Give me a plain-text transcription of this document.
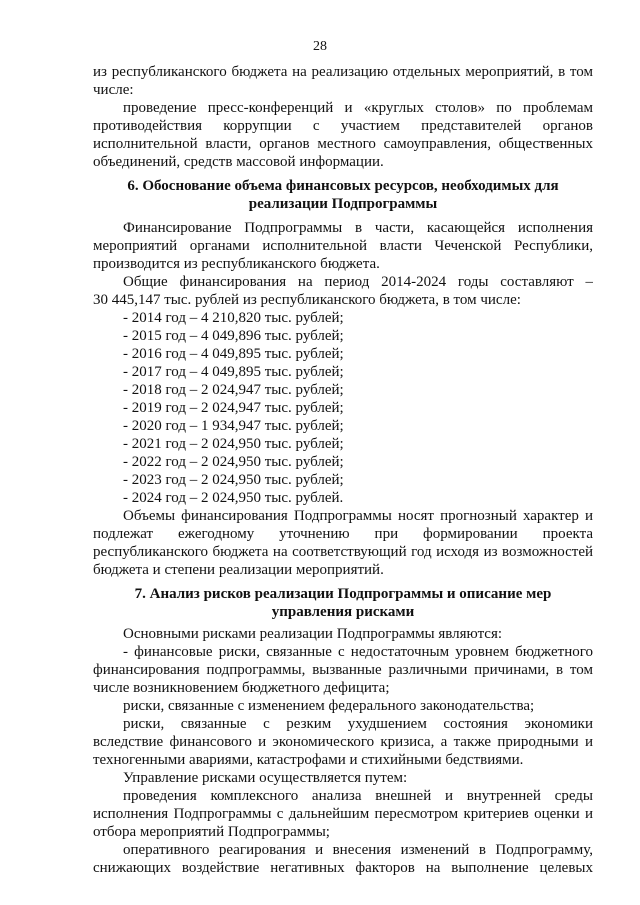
28
из республиканского бюджета на реализацию отдельных мероприятий, в том
числе:
проведение пресс-конференций и «круглых столов» по проблемам
противодействия коррупции с участием представителей органов
исполнительной власти, органов местного самоуправления, общественных
объединений, средств массовой информации.
6. Обоснование объема финансовых ресурсов, необходимых для
реализации Подпрограммы
Финансирование Подпрограммы в части, касающейся исполнения
мероприятий органами исполнительной власти Чеченской Республики,
производится из республиканского бюджета.
Общие финансирования на период 2014-2024 годы составляют –
30 445,147 тыс. рублей из республиканского бюджета, в том числе:
- 2014 год – 4 210,820 тыс. рублей;
- 2015 год – 4 049,896 тыс. рублей;
- 2016 год – 4 049,895 тыс. рублей;
- 2017 год – 4 049,895 тыс. рублей;
- 2018 год – 2 024,947 тыс. рублей;
- 2019 год – 2 024,947 тыс. рублей;
- 2020 год – 1 934,947 тыс. рублей;
- 2021 год – 2 024,950 тыс. рублей;
- 2022 год – 2 024,950 тыс. рублей;
- 2023 год – 2 024,950 тыс. рублей;
- 2024 год – 2 024,950 тыс. рублей.
Объемы финансирования Подпрограммы носят прогнозный характер и
подлежат ежегодному уточнению при формировании проекта
республиканского бюджета на соответствующий год исходя из возможностей
бюджета и степени реализации мероприятий.
7. Анализ рисков реализации Подпрограммы и описание мер
управления рисками
Основными рисками реализации Подпрограммы являются:
- финансовые риски, связанные с недостаточным уровнем бюджетного
финансирования подпрограммы, вызванные различными причинами, в том
числе возникновением бюджетного дефицита;
риски, связанные с изменением федерального законодательства;
риски, связанные с резким ухудшением состояния экономики
вследствие финансового и экономического кризиса, а также природными и
техногенными авариями, катастрофами и стихийными бедствиями.
Управление рисками осуществляется путем:
проведения комплексного анализа внешней и внутренней среды
исполнения Подпрограммы с дальнейшим пересмотром критериев оценки и
отбора мероприятий Подпрограммы;
оперативного реагирования и внесения изменений в Подпрограмму,
снижающих воздействие негативных факторов на выполнение целевых
